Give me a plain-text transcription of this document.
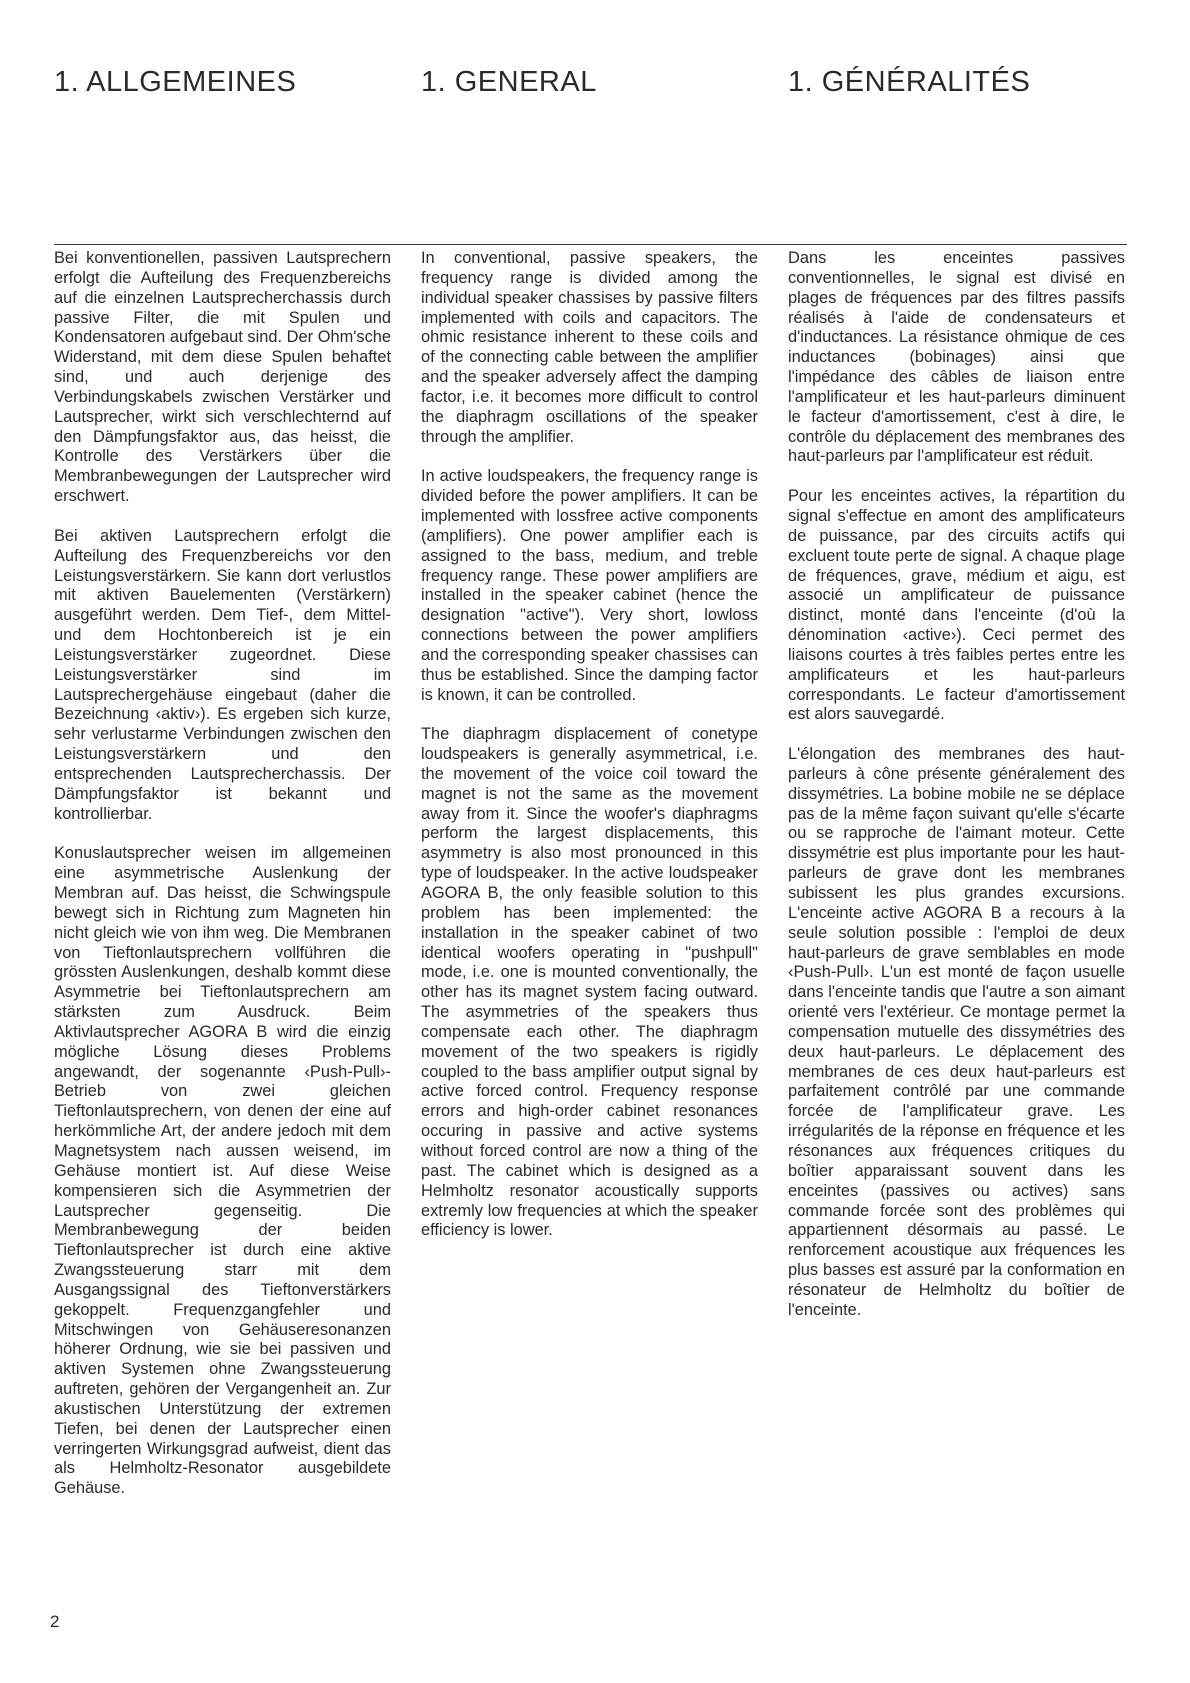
1. ALLGEMEINES	1. GENERAL	1. GÉNÉRALITÉS

Bei konventionellen, passiven Lautsprechern erfolgt die Aufteilung des Frequenzbereichs auf die einzelnen Lautsprecherchassis durch passive Filter, die mit Spulen und Kondensatoren aufgebaut sind. Der Ohm'sche Widerstand, mit dem diese Spulen behaftet sind, und auch derjenige des Verbindungskabels zwischen Verstärker und Lautsprecher, wirkt sich verschlechternd auf den Dämpfungsfaktor aus, das heisst, die Kontrolle des Verstärkers über die Membranbewegungen der Lautsprecher wird erschwert.

Bei aktiven Lautsprechern erfolgt die Aufteilung des Frequenzbereichs vor den Leistungsverstärkern. Sie kann dort verlustlos mit aktiven Bauelementen (Verstärkern) ausgeführt werden. Dem Tief-, dem Mittel- und dem Hochtonbereich ist je ein Leistungsverstärker zugeordnet. Diese Leistungsverstärker sind im Lautsprechergehäuse eingebaut (daher die Bezeichnung ‹aktiv›). Es ergeben sich kurze, sehr verlustarme Verbindungen zwischen den Leistungsverstärkern und den entsprechenden Lautsprecherchassis. Der Dämpfungsfaktor ist bekannt und kontrollierbar.

Konuslautsprecher weisen im allgemeinen eine asymmetrische Auslenkung der Membran auf. Das heisst, die Schwingspule bewegt sich in Richtung zum Magneten hin nicht gleich wie von ihm weg. Die Membranen von Tieftonlautsprechern vollführen die grössten Auslenkungen, deshalb kommt diese Asymmetrie bei Tieftonlautsprechern am stärksten zum Ausdruck. Beim Aktivlautsprecher AGORA B wird die einzig mögliche Lösung dieses Problems angewandt, der sogenannte ‹Push-Pull›-Betrieb von zwei gleichen Tieftonlautsprechern, von denen der eine auf herkömmliche Art, der andere jedoch mit dem Magnetsystem nach aussen weisend, im Gehäuse montiert ist. Auf diese Weise kompensieren sich die Asymmetrien der Lautsprecher gegenseitig. Die Membranbewegung der beiden Tieftonlautsprecher ist durch eine aktive Zwangssteuerung starr mit dem Ausgangssignal des Tieftonverstärkers gekoppelt. Frequenzgangfehler und Mitschwingen von Gehäuseresonanzen höherer Ordnung, wie sie bei passiven und aktiven Systemen ohne Zwangssteuerung auftreten, gehören der Vergangenheit an. Zur akustischen Unterstützung der extremen Tiefen, bei denen der Lautsprecher einen verringerten Wirkungsgrad aufweist, dient das als Helmholtz-Resonator ausgebildete Gehäuse.

In conventional, passive speakers, the frequency range is divided among the individual speaker chassises by passive filters implemented with coils and capacitors. The ohmic resistance inherent to these coils and of the connecting cable between the amplifier and the speaker adversely affect the damping factor, i.e. it becomes more difficult to control the diaphragm oscillations of the speaker through the amplifier.

In active loudspeakers, the frequency range is divided before the power amplifiers. It can be implemented with lossfree active components (amplifiers). One power amplifier each is assigned to the bass, medium, and treble frequency range. These power amplifiers are installed in the speaker cabinet (hence the designation "active"). Very short, lowloss connections between the power amplifiers and the corresponding speaker chassises can thus be established. Since the damping factor is known, it can be controlled.

The diaphragm displacement of conetype loudspeakers is generally asymmetrical, i.e. the movement of the voice coil toward the magnet is not the same as the movement away from it. Since the woofer's diaphragms perform the largest displacements, this asymmetry is also most pronounced in this type of loudspeaker. In the active loudspeaker AGORA B, the only feasible solution to this problem has been implemented: the installation in the speaker cabinet of two identical woofers operating in "pushpull" mode, i.e. one is mounted conventionally, the other has its magnet system facing outward. The asymmetries of the speakers thus compensate each other. The diaphragm movement of the two speakers is rigidly coupled to the bass amplifier output signal by active forced control. Frequency response errors and high-order cabinet resonances occuring in passive and active systems without forced control are now a thing of the past. The cabinet which is designed as a Helmholtz resonator acoustically supports extremly low frequencies at which the speaker efficiency is lower.

Dans les enceintes passives conventionnelles, le signal est divisé en plages de fréquences par des filtres passifs réalisés à l'aide de condensateurs et d'inductances. La résistance ohmique de ces inductances (bobinages) ainsi que l'impédance des câbles de liaison entre l'amplificateur et les haut-parleurs diminuent le facteur d'amortissement, c'est à dire, le contrôle du déplacement des membranes des haut-parleurs par l'amplificateur est réduit.

Pour les enceintes actives, la répartition du signal s'effectue en amont des amplificateurs de puissance, par des circuits actifs qui excluent toute perte de signal. A chaque plage de fréquences, grave, médium et aigu, est associé un amplificateur de puissance distinct, monté dans l'enceinte (d'où la dénomination ‹active›). Ceci permet des liaisons courtes à très faibles pertes entre les amplificateurs et les haut-parleurs correspondants. Le facteur d'amortissement est alors sauvegardé.

L'élongation des membranes des haut-parleurs à cône présente généralement des dissymétries. La bobine mobile ne se déplace pas de la même façon suivant qu'elle s'écarte ou se rapproche de l'aimant moteur. Cette dissymétrie est plus importante pour les haut-parleurs de grave dont les membranes subissent les plus grandes excursions. L'enceinte active AGORA B a recours à la seule solution possible : l'emploi de deux haut-parleurs de grave semblables en mode ‹Push-Pull›. L'un est monté de façon usuelle dans l'enceinte tandis que l'autre a son aimant orienté vers l'extérieur. Ce montage permet la compensation mutuelle des dissymétries des deux haut-parleurs. Le déplacement des membranes de ces deux haut-parleurs est parfaitement contrôlé par une commande forcée de l'amplificateur grave. Les irrégularités de la réponse en fréquence et les résonances aux fréquences critiques du boîtier apparaissant souvent dans les enceintes (passives ou actives) sans commande forcée sont des problèmes qui appartiennent désormais au passé. Le renforcement acoustique aux fréquences les plus basses est assuré par la conformation en résonateur de Helmholtz du boîtier de l'enceinte.

2
